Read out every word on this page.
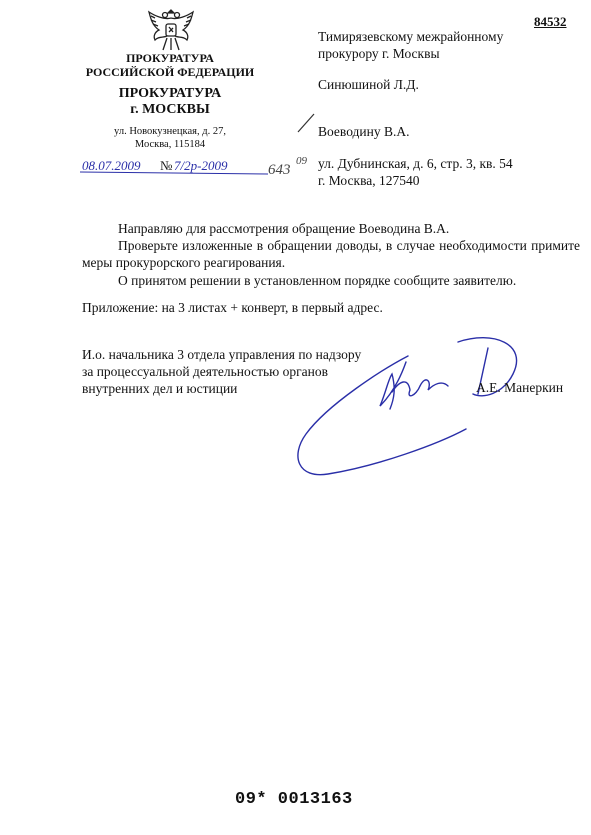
84532
ПРОКУРАТУРА
РОССИЙСКОЙ ФЕДЕРАЦИИ
ПРОКУРАТУРА
г. МОСКВЫ
ул. Новокузнецкая, д. 27,
Москва, 115184
08.07.2009 № 7/2р-2009	643
09
Тимирязевскому межрайонному прокурору г. Москвы
Синюшиной Л.Д.
Воеводину В.А.
ул. Дубнинская, д. 6, стр. 3, кв. 54
г. Москва, 127540
Направляю для рассмотрения обращение Воеводина В.А.
Проверьте изложенные в обращении доводы, в случае необходимости примите меры прокурорского реагирования.
О принятом решении в установленном порядке сообщите заявителю.
Приложение: на 3 листах + конверт, в первый адрес.
И.о. начальника 3 отдела управления по надзору
за процессуальной деятельностью органов
внутренних дел и юстиции	А.Е. Манеркин
09* 0013163
